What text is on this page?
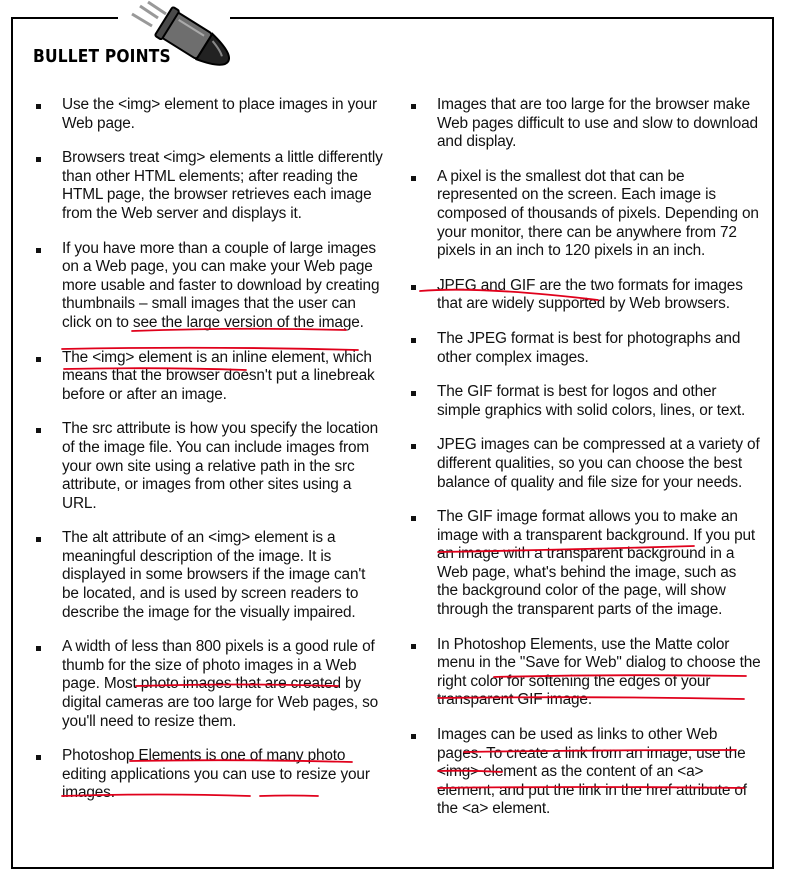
BULLET POINTS
Use the <img> element to place images in your Web page.
Browsers treat <img> elements a little differently than other HTML elements; after reading the HTML page, the browser retrieves each image from the Web server and displays it.
If you have more than a couple of large images on a Web page, you can make your Web page more usable and faster to download by creating thumbnails – small images that the user can click on to see the large version of the image.
The <img> element is an inline element, which means that the browser doesn't put a linebreak before or after an image.
The src attribute is how you specify the location of the image file. You can include images from your own site using a relative path in the src attribute, or images from other sites using a URL.
The alt attribute of an <img> element is a meaningful description of the image. It is displayed in some browsers if the image can't be located, and is used by screen readers to describe the image for the visually impaired.
A width of less than 800 pixels is a good rule of thumb for the size of photo images in a Web page. Most photo images that are created by digital cameras are too large for Web pages, so you'll need to resize them.
Photoshop Elements is one of many photo editing applications you can use to resize your images.
Images that are too large for the browser make Web pages difficult to use and slow to download and display.
A pixel is the smallest dot that can be represented on the screen. Each image is composed of thousands of pixels. Depending on your monitor, there can be anywhere from 72 pixels in an inch to 120 pixels in an inch.
JPEG and GIF are the two formats for images that are widely supported by Web browsers.
The JPEG format is best for photographs and other complex images.
The GIF format is best for logos and other simple graphics with solid colors, lines, or text.
JPEG images can be compressed at a variety of different qualities, so you can choose the best balance of quality and file size for your needs.
The GIF image format allows you to make an image with a transparent background. If you put an image with a transparent background in a Web page, what's behind the image, such as the background color of the page, will show through the transparent parts of the image.
In Photoshop Elements, use the Matte color menu in the "Save for Web" dialog to choose the right color for softening the edges of your transparent GIF image.
Images can be used as links to other Web pages. To create a link from an image, use the <img> element as the content of an <a> element, and put the link in the href attribute of the <a> element.
